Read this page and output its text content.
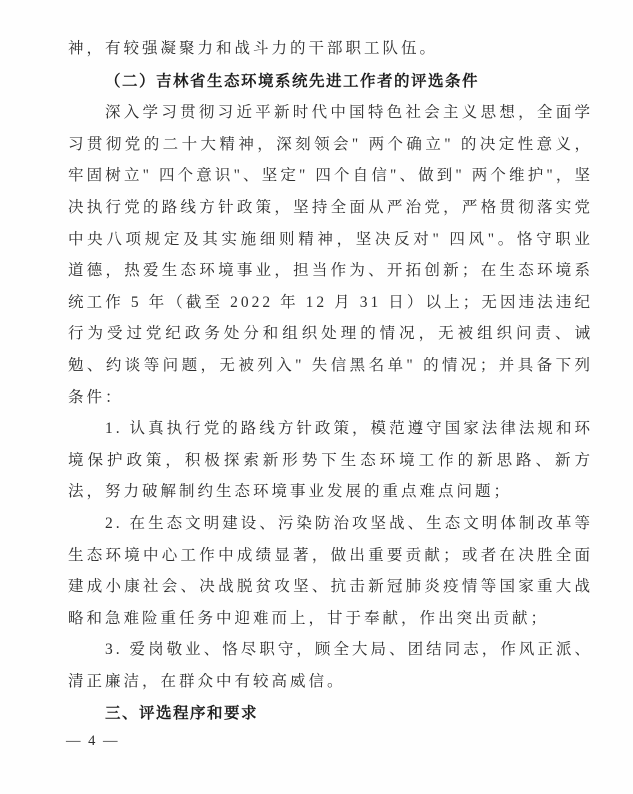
神，有较强凝聚力和战斗力的干部职工队伍。

（二）吉林省生态环境系统先进工作者的评选条件

深入学习贯彻习近平新时代中国特色社会主义思想，全面学习贯彻党的二十大精神，深刻领会" 两个确立" 的决定性意义，牢固树立" 四个意识"、坚定" 四个自信"、做到" 两个维护"，坚决执行党的路线方针政策，坚持全面从严治党，严格贯彻落实党中央八项规定及其实施细则精神，坚决反对" 四风"。恪守职业道德，热爱生态环境事业，担当作为、开拓创新；在生态环境系统工作 5 年（截至 2022 年 12 月 31 日）以上；无因违法违纪行为受过党纪政务处分和组织处理的情况，无被组织问责、诫勉、约谈等问题，无被列入" 失信黑名单" 的情况；并具备下列条件：

1. 认真执行党的路线方针政策，模范遵守国家法律法规和环境保护政策，积极探索新形势下生态环境工作的新思路、新方法，努力破解制约生态环境事业发展的重点难点问题；

2. 在生态文明建设、污染防治攻坚战、生态文明体制改革等生态环境中心工作中成绩显著，做出重要贡献；或者在决胜全面建成小康社会、决战脱贫攻坚、抗击新冠肺炎疫情等国家重大战略和急难险重任务中迎难而上，甘于奉献，作出突出贡献；

3. 爱岗敬业、恪尽职守，顾全大局、团结同志，作风正派、清正廉洁，在群众中有较高威信。

三、评选程序和要求

— 4 —
